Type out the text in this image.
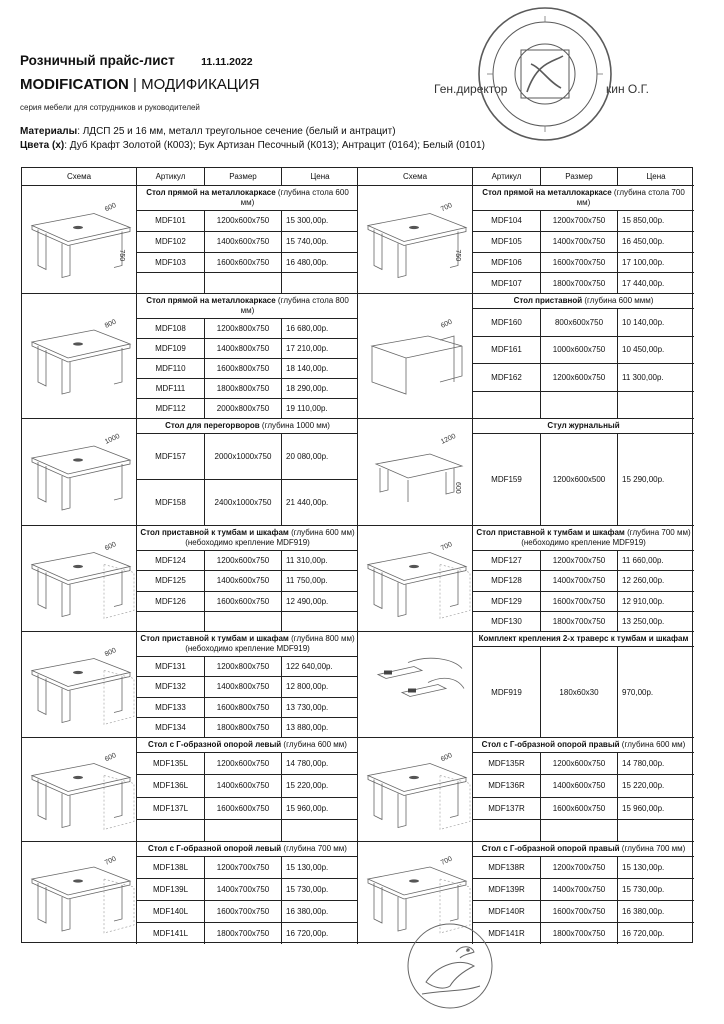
Розничный прайс-лист	11.11.2022
MODIFICATION | МОДИФИКАЦИЯ
серия мебели для сотрудников и руководителей
Ген.директор	кин О.Г.
Материалы: ЛДСП 25 и 16 мм, металл треугольное сечение (белый и антрацит)
Цвета (х): Дуб Крафт Золотой (К003); Бук Артизан Песочный (К013); Антрацит (0164); Белый (0101)
Схема	Артикул	Размер	Цена	Схема	Артикул	Размер	Цена
600
750
Стол прямой на металлокаркасе (глубина стола 600 мм)
MDF101	1200х600х750	15 300,00р.
MDF102	1400х600х750	15 740,00р.
MDF103	1600х600х750	16 480,00р.
700
750
Стол прямой на металлокаркасе (глубина стола 700 мм)
MDF104	1200х700х750	15 850,00р.
MDF105	1400х700х750	16 450,00р.
MDF106	1600х700х750	17 100,00р.
MDF107	1800х700х750	17 440,00р.
800
Стол прямой на металлокаркасе (глубина стола 800 мм)
MDF108	1200х800х750	16 680,00р.
MDF109	1400х800х750	17 210,00р.
MDF110	1600х800х750	18 140,00р.
MDF111	1800х800х750	18 290,00р.
MDF112	2000х800х750	19 110,00р.
600
Стол приставной (глубина 600 ммм)
MDF160	800х600х750	10 140,00р.
MDF161	1000х600х750	10 450,00р.
MDF162	1200х600х750	11 300,00р.
1000
Стол для перегорворов (глубина 1000 мм)
MDF157	2000х1000х750	20 080,00р.
MDF158	2400х1000х750	21 440,00р.
1200
600
Стул журнальный
MDF159	1200х600х500	15 290,00р.
600
Стол приставной к тумбам и шкафам (глубина 600 мм) (небоходимо крепление MDF919)
MDF124	1200х600х750	11 310,00р.
MDF125	1400х600х750	11 750,00р.
MDF126	1600х600х750	12 490,00р.
700
Стол приставной к тумбам и шкафам (глубина 700 мм) (небоходимо крепление MDF919)
MDF127	1200х700х750	11 660,00р.
MDF128	1400х700х750	12 260,00р.
MDF129	1600х700х750	12 910,00р.
MDF130	1800х700х750	13 250,00р.
800
Стол приставной к тумбам и шкафам (глубина 800 мм) (небоходимо крепление MDF919)
MDF131	1200х800х750	122 640,00р.
MDF132	1400х800х750	12 800,00р.
MDF133	1600х800х750	13 730,00р.
MDF134	1800х800х750	13 880,00р.
Комплект крепления 2-х траверс к тумбам и шкафам
MDF919	180х60х30	970,00р.
600
Стол с Г-образной опорой левый (глубина 600 мм)
MDF135L	1200х600х750	14 780,00р.
MDF136L	1400х600х750	15 220,00р.
MDF137L	1600х600х750	15 960,00р.
600
Стол с Г-образной опорой правый (глубина 600 мм)
MDF135R	1200х600х750	14 780,00р.
MDF136R	1400х600х750	15 220,00р.
MDF137R	1600х600х750	15 960,00р.
700
Стол с Г-образной опорой левый (глубина 700 мм)
MDF138L	1200х700х750	15 130,00р.
MDF139L	1400х700х750	15 730,00р.
MDF140L	1600х700х750	16 380,00р.
MDF141L	1800х700х750	16 720,00р.
700
Стол с Г-образной опорой правый (глубина 700 мм)
MDF138R	1200х700х750	15 130,00р.
MDF139R	1400х700х750	15 730,00р.
MDF140R	1600х700х750	16 380,00р.
MDF141R	1800х700х750	16 720,00р.
